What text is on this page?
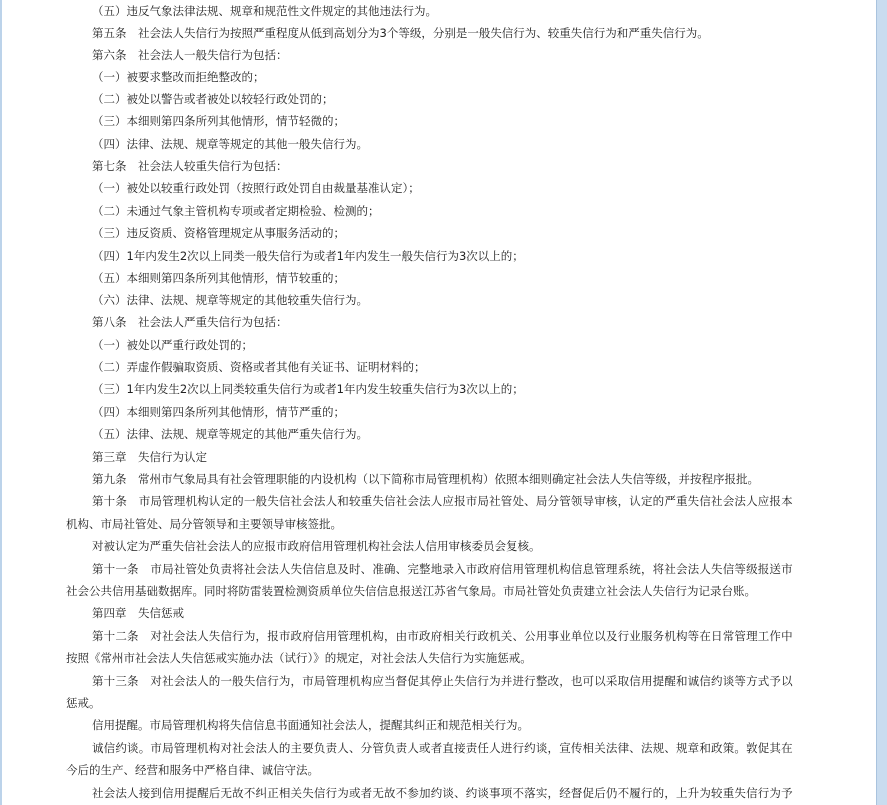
（五）违反气象法律法规、规章和规范性文件规定的其他违法行为。
第五条　社会法人失信行为按照严重程度从低到高划分为3个等级，分别是一般失信行为、较重失信行为和严重失信行为。
第六条　社会法人一般失信行为包括：
（一）被要求整改而拒绝整改的；
（二）被处以警告或者被处以较轻行政处罚的；
（三）本细则第四条所列其他情形，情节轻微的；
（四）法律、法规、规章等规定的其他一般失信行为。
第七条　社会法人较重失信行为包括：
（一）被处以较重行政处罚（按照行政处罚自由裁量基准认定）；
（二）未通过气象主管机构专项或者定期检验、检测的；
（三）违反资质、资格管理规定从事服务活动的；
（四）1年内发生2次以上同类一般失信行为或者1年内发生一般失信行为3次以上的；
（五）本细则第四条所列其他情形，情节较重的；
（六）法律、法规、规章等规定的其他较重失信行为。
第八条　社会法人严重失信行为包括：
（一）被处以严重行政处罚的；
（二）弄虚作假骗取资质、资格或者其他有关证书、证明材料的；
（三）1年内发生2次以上同类较重失信行为或者1年内发生较重失信行为3次以上的；
（四）本细则第四条所列其他情形，情节严重的；
（五）法律、法规、规章等规定的其他严重失信行为。
第三章　失信行为认定
第九条　常州市气象局具有社会管理职能的内设机构（以下简称市局管理机构）依照本细则确定社会法人失信等级，并按程序报批。
第十条　市局管理机构认定的一般失信社会法人和较重失信社会法人应报市局社管处、局分管领导审核，认定的严重失信社会法人应报本
机构、市局社管处、局分管领导和主要领导审核签批。
对被认定为严重失信社会法人的应报市政府信用管理机构社会法人信用审核委员会复核。
第十一条　市局社管处负责将社会法人失信信息及时、准确、完整地录入市政府信用管理机构信息管理系统，将社会法人失信等级报送市
社会公共信用基础数据库。同时将防雷装置检测资质单位失信信息报送江苏省气象局。市局社管处负责建立社会法人失信行为记录台账。
第四章　失信惩戒
第十二条　对社会法人失信行为，报市政府信用管理机构，由市政府相关行政机关、公用事业单位以及行业服务机构等在日常管理工作中
按照《常州市社会法人失信惩戒实施办法（试行）》的规定，对社会法人失信行为实施惩戒。
第十三条　对社会法人的一般失信行为，市局管理机构应当督促其停止失信行为并进行整改，也可以采取信用提醒和诚信约谈等方式予以
惩戒。
信用提醒。市局管理机构将失信信息书面通知社会法人，提醒其纠正和规范相关行为。
诚信约谈。市局管理机构对社会法人的主要负责人、分管负责人或者直接责任人进行约谈，宣传相关法律、法规、规章和政策。敦促其在
今后的生产、经营和服务中严格自律、诚信守法。
社会法人接到信用提醒后无故不纠正相关失信行为或者无故不参加约谈、约谈事项不落实，经督促后仍不履行的，上升为较重失信行为予
